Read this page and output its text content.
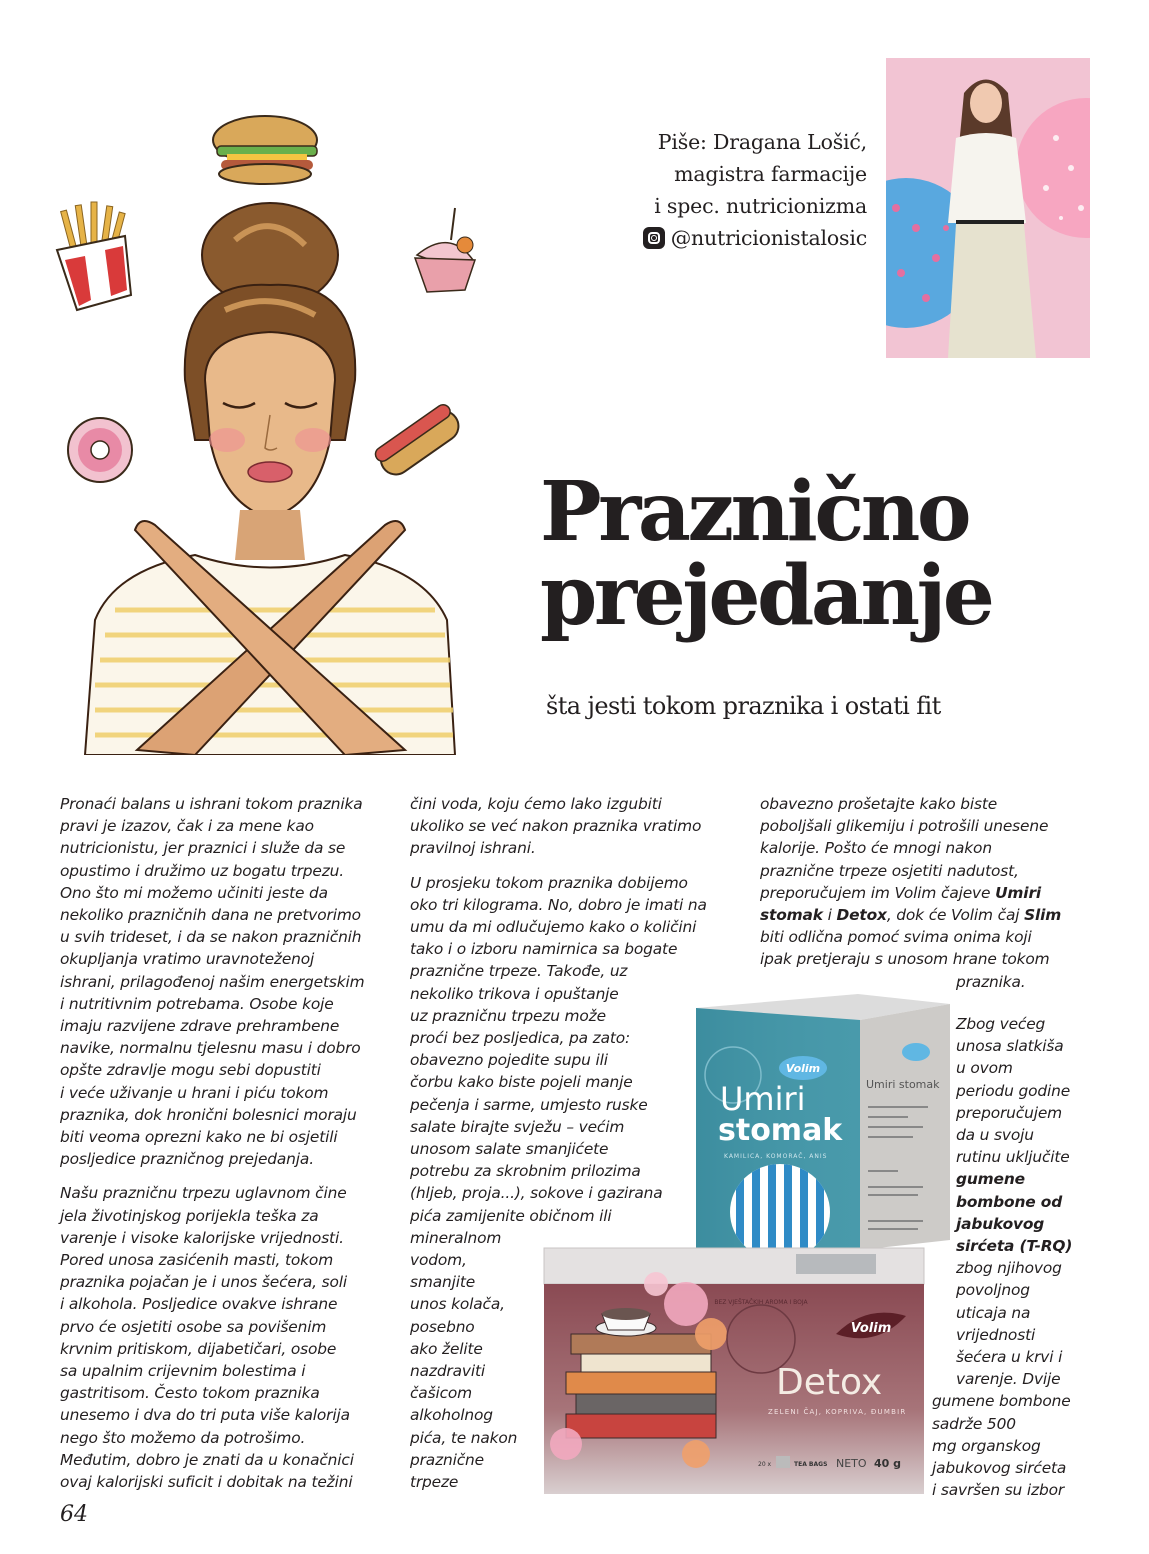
Piše: Dragana Lošić,
magistra farmacije
i spec. nutricionizma
@nutricionistalosic
Praznično
prejedanje
šta jesti tokom praznika i ostati fit

Pronaći balans u ishrani tokom praznika
pravi je izazov, čak i za mene kao
nutricionistu, jer praznici i služe da se
opustimo i družimo uz bogatu trpezu.
Ono što mi možemo učiniti jeste da
nekoliko prazničnih dana ne pretvorimo
u svih trideset, i da se nakon prazničnih
okupljanja vratimo uravnoteženoj
ishrani, prilagođenoj našim energetskim
i nutritivnim potrebama. Osobe koje
imaju razvijene zdrave prehrambene
navike, normalnu tjelesnu masu i dobro
opšte zdravlje mogu sebi dopustiti
i veće uživanje u hrani i piću tokom
praznika, dok hronični bolesnici moraju
biti veoma oprezni kako ne bi osjetili
posljedice prazničnog prejedanja.

Našu prazničnu trpezu uglavnom čine
jela životinjskog porijekla teška za
varenje i visoke kalorijske vrijednosti.
Pored unosa zasićenih masti, tokom
praznika pojačan je i unos šećera, soli
i alkohola. Posljedice ovakve ishrane
prvo će osjetiti osobe sa povišenim
krvnim pritiskom, dijabetičari, osobe
sa upalnim crijevnim bolestima i
gastritisom. Često tokom praznika
unesemo i dva do tri puta više kalorija
nego što možemo da potrošimo.
Međutim, dobro je znati da u konačnici
ovaj kalorijski suficit i dobitak na težini

čini voda, koju ćemo lako izgubiti
ukoliko se već nakon praznika vratimo
pravilnoj ishrani.

U prosjeku tokom praznika dobijemo
oko tri kilograma. No, dobro je imati na
umu da mi odlučujemo kako o količini
tako i o izboru namirnica sa bogate
praznične trpeze. Takođe, uz
nekoliko trikova i opuštanje
uz prazničnu trpezu može
proći bez posljedica, pa zato:
obavezno pojedite supu ili
čorbu kako biste pojeli manje
pečenja i sarme, umjesto ruske
salate birajte svježu – većim
unosom salate smanjićete
potrebu za skrobnim prilozima
(hljeb, proja...), sokove i gazirana
pića zamijenite običnom ili
mineralnom
vodom,
smanjite
unos kolača,
posebno
ako želite
nazdraviti
čašicom
alkoholnog
pića, te nakon
praznične
trpeze

obavezno prošetajte kako biste
poboljšali glikemiju i potrošili unesene
kalorije. Pošto će mnogi nakon
praznične trpeze osjetiti nadutost,
preporučujem im Volim čajeve Umiri
stomak i Detox, dok će Volim čaj Slim
biti odlična pomoć svima onima koji
ipak pretjeraju s unosom hrane tokom
praznika.

Zbog većeg
unosa slatkiša
u ovom
periodu godine
preporučujem
da u svoju
rutinu uključite
gumene
bombone od
jabukovog
sirćeta (T-RQ)
zbog njihovog
povoljnog
uticaja na
vrijednosti
šećera u krvi i
varenje. Dvije
gumene bombone
sadrže 500
mg organskog
jabukovog sirćeta
i savršen su izbor

Volim
Umiri
stomak
KAMILICA, KOMORAČ, ANIS
Umiri stomak
BEZ VJEŠTAČKIH AROMA I BOJA
Volim
Detox
ZELENI ČAJ, KOPRIVA, ĐUMBIR
20 x	TEA BAGS NETO 40 g
64
